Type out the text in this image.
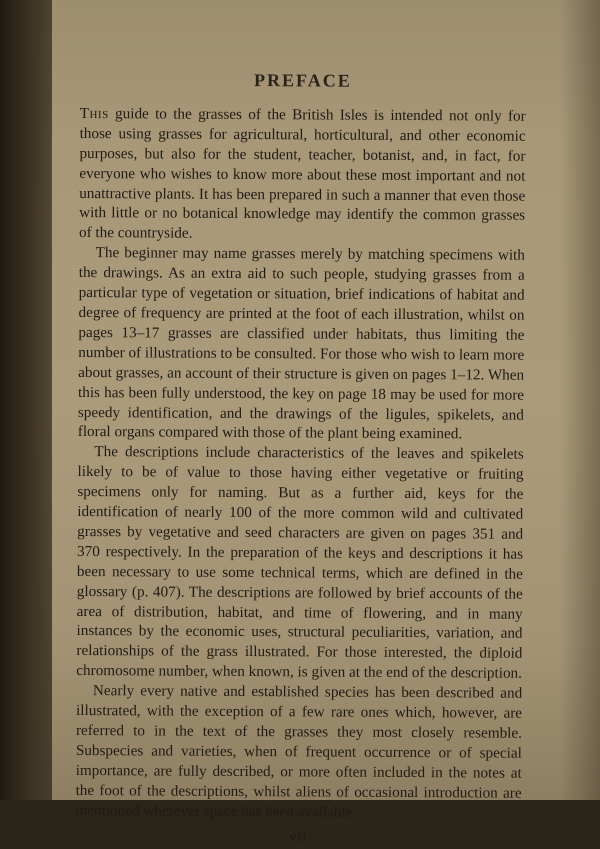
PREFACE

This guide to the grasses of the British Isles is intended not only for those using grasses for agricultural, horticultural, and other economic purposes, but also for the student, teacher, botanist, and, in fact, for everyone who wishes to know more about these most important and not unattractive plants. It has been prepared in such a manner that even those with little or no botanical knowledge may identify the common grasses of the countryside.

The beginner may name grasses merely by matching specimens with the drawings. As an extra aid to such people, studying grasses from a particular type of vegetation or situation, brief indications of habitat and degree of frequency are printed at the foot of each illustration, whilst on pages 13–17 grasses are classified under habitats, thus limiting the number of illustrations to be consulted. For those who wish to learn more about grasses, an account of their structure is given on pages 1–12. When this has been fully understood, the key on page 18 may be used for more speedy identification, and the drawings of the ligules, spikelets, and floral organs compared with those of the plant being examined.

The descriptions include characteristics of the leaves and spikelets likely to be of value to those having either vegetative or fruiting specimens only for naming. But as a further aid, keys for the identification of nearly 100 of the more common wild and cultivated grasses by vegetative and seed characters are given on pages 351 and 370 respectively. In the preparation of the keys and descriptions it has been necessary to use some technical terms, which are defined in the glossary (p. 407). The descriptions are followed by brief accounts of the area of distribution, habitat, and time of flowering, and in many instances by the economic uses, structural peculiarities, variation, and relationships of the grass illustrated. For those interested, the diploid chromosome number, when known, is given at the end of the description.

Nearly every native and established species has been described and illustrated, with the exception of a few rare ones which, however, are referred to in the text of the grasses they most closely resemble. Subspecies and varieties, when of frequent occurrence or of special importance, are fully described, or more often included in the notes at the foot of the descriptions, whilst aliens of occasional introduction are mentioned wherever space has been available.

vii
